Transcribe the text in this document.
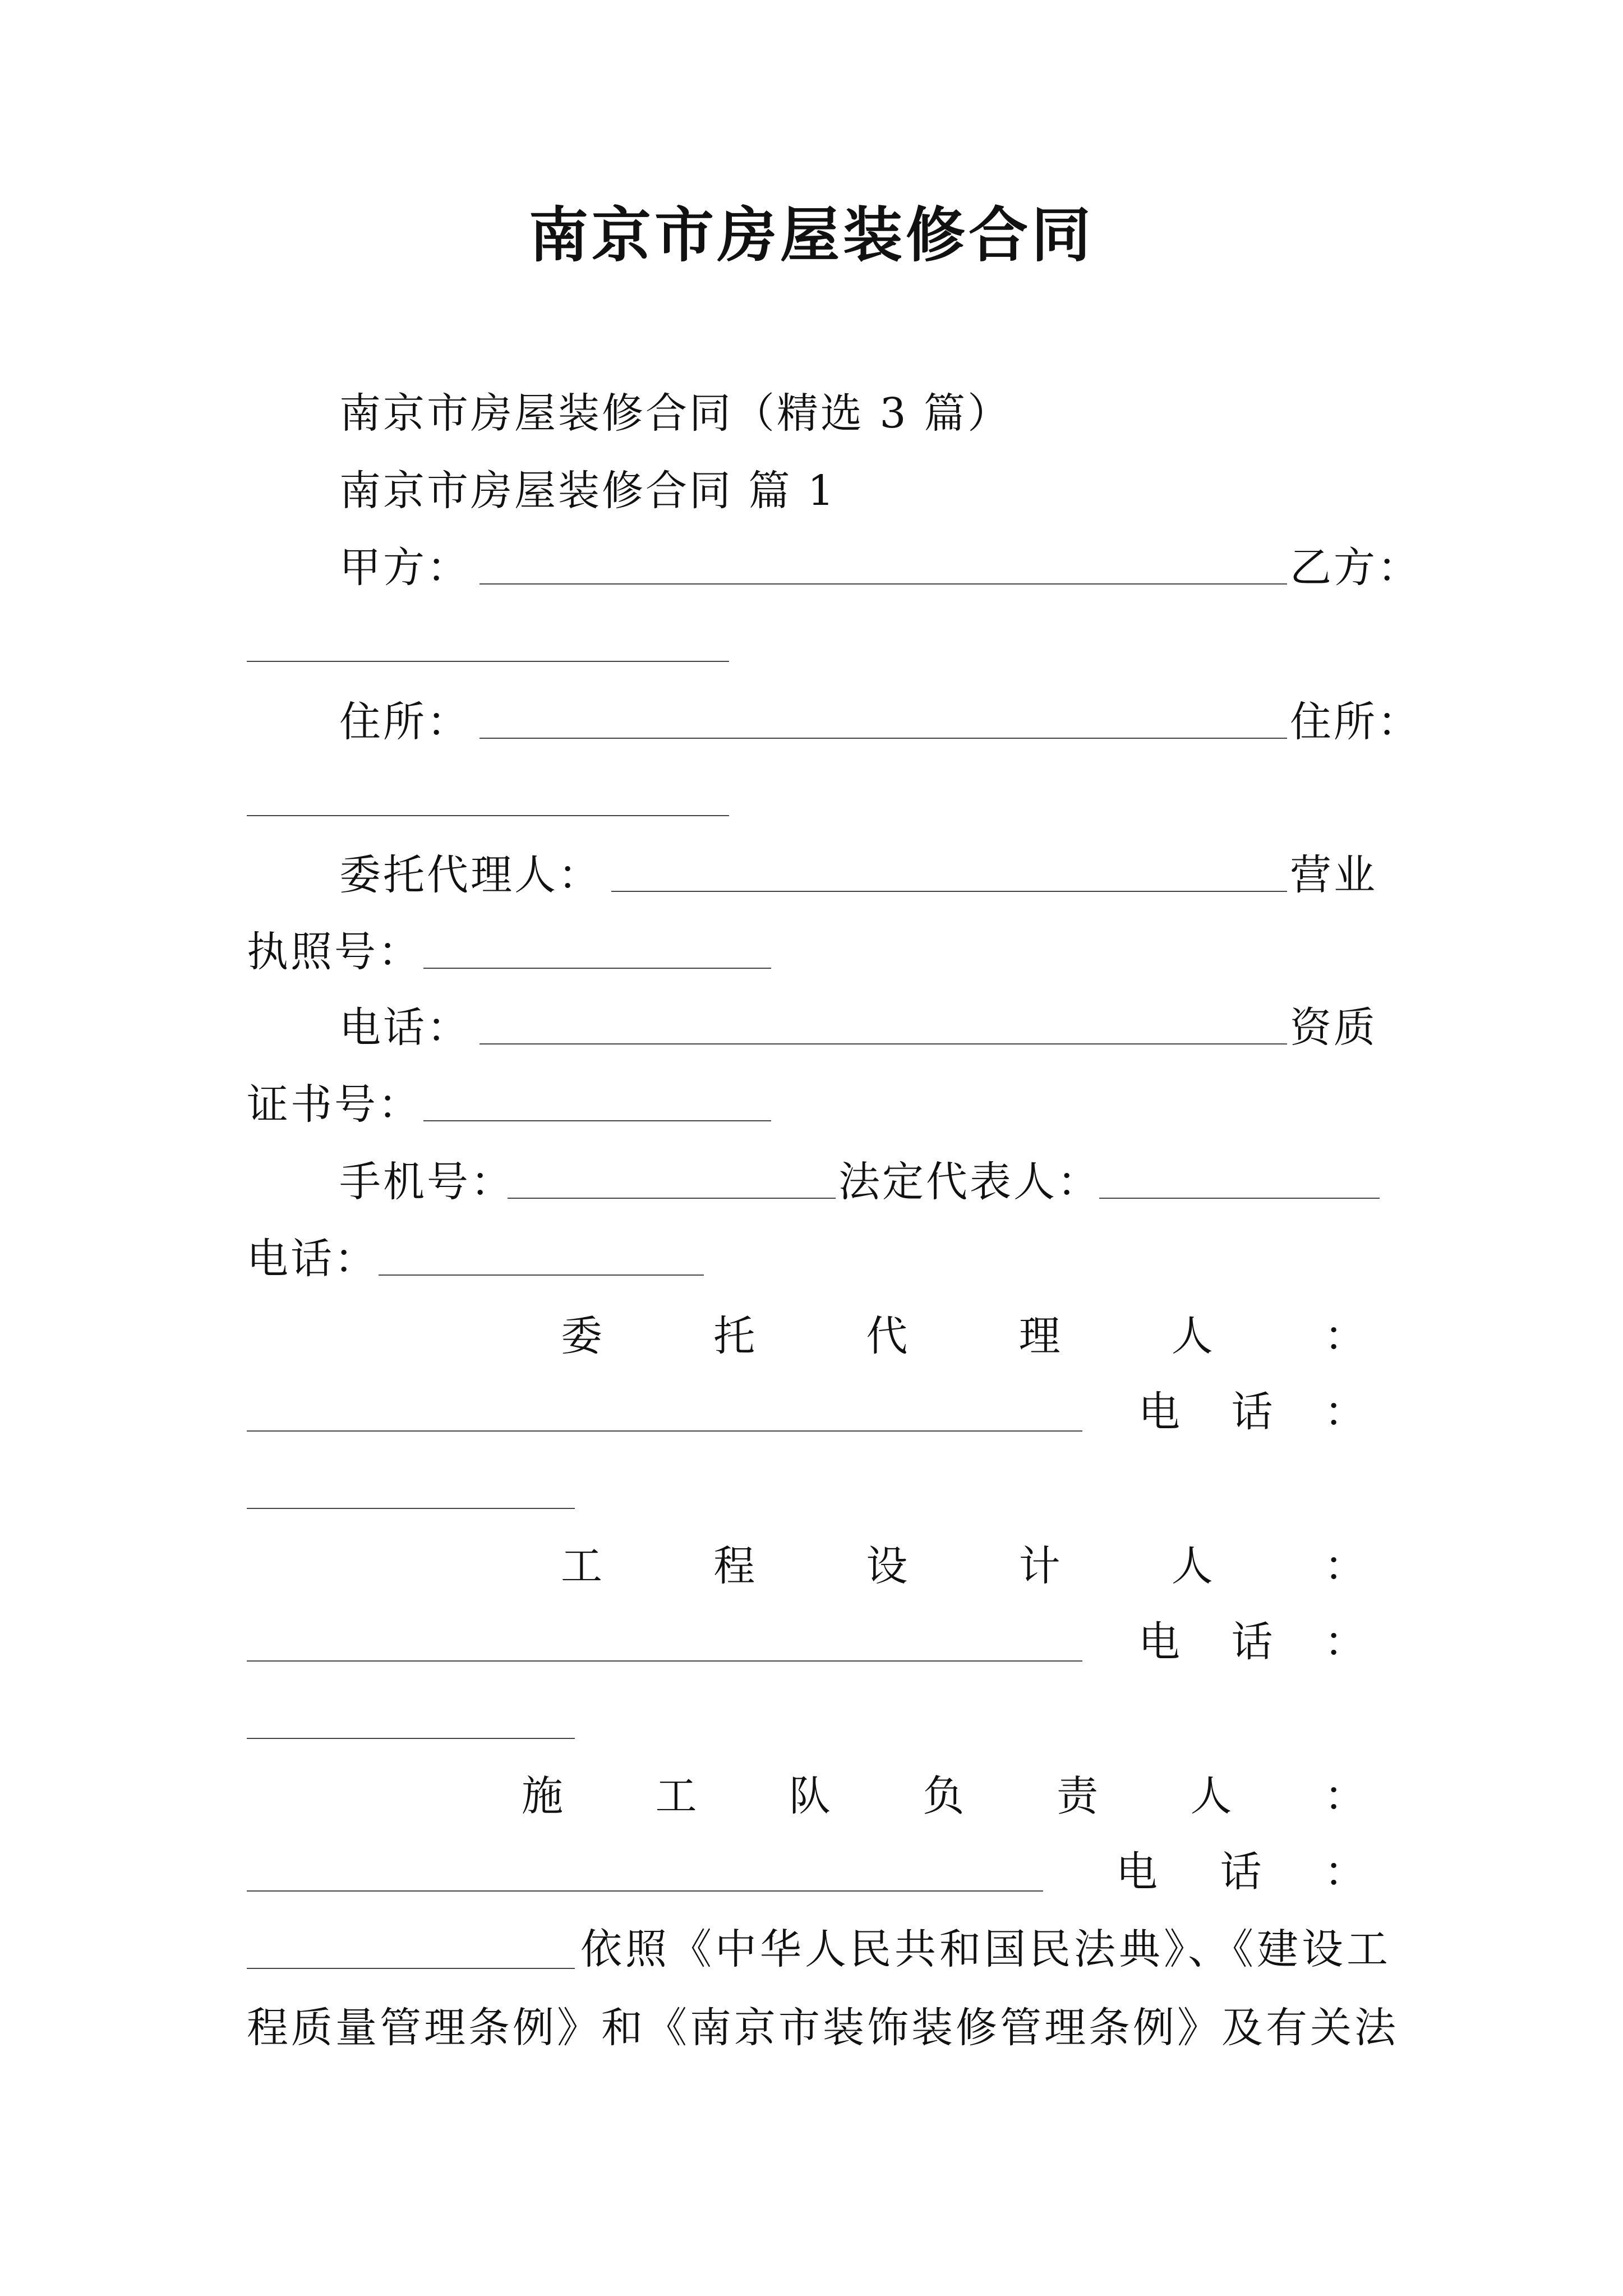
南京市房屋装修合同
南京市房屋装修合同（精选 3 篇）
南京市房屋装修合同 篇 1
甲方：	乙方：
住所：	住所：
委托代理人：	营业
执照号：
电话：	资质
证书号：
手机号：	法定代表人：
电话：
委	托	代	理	人	：
电 话 ：
工	程	设	计	人	：
电 话 ：
施 工 队 负 责 人 ：
电 话 ：
依照《中华人民共和国民法典》、《建设工
程质量管理条例》和《南京市装饰装修管理条例》及有关法
